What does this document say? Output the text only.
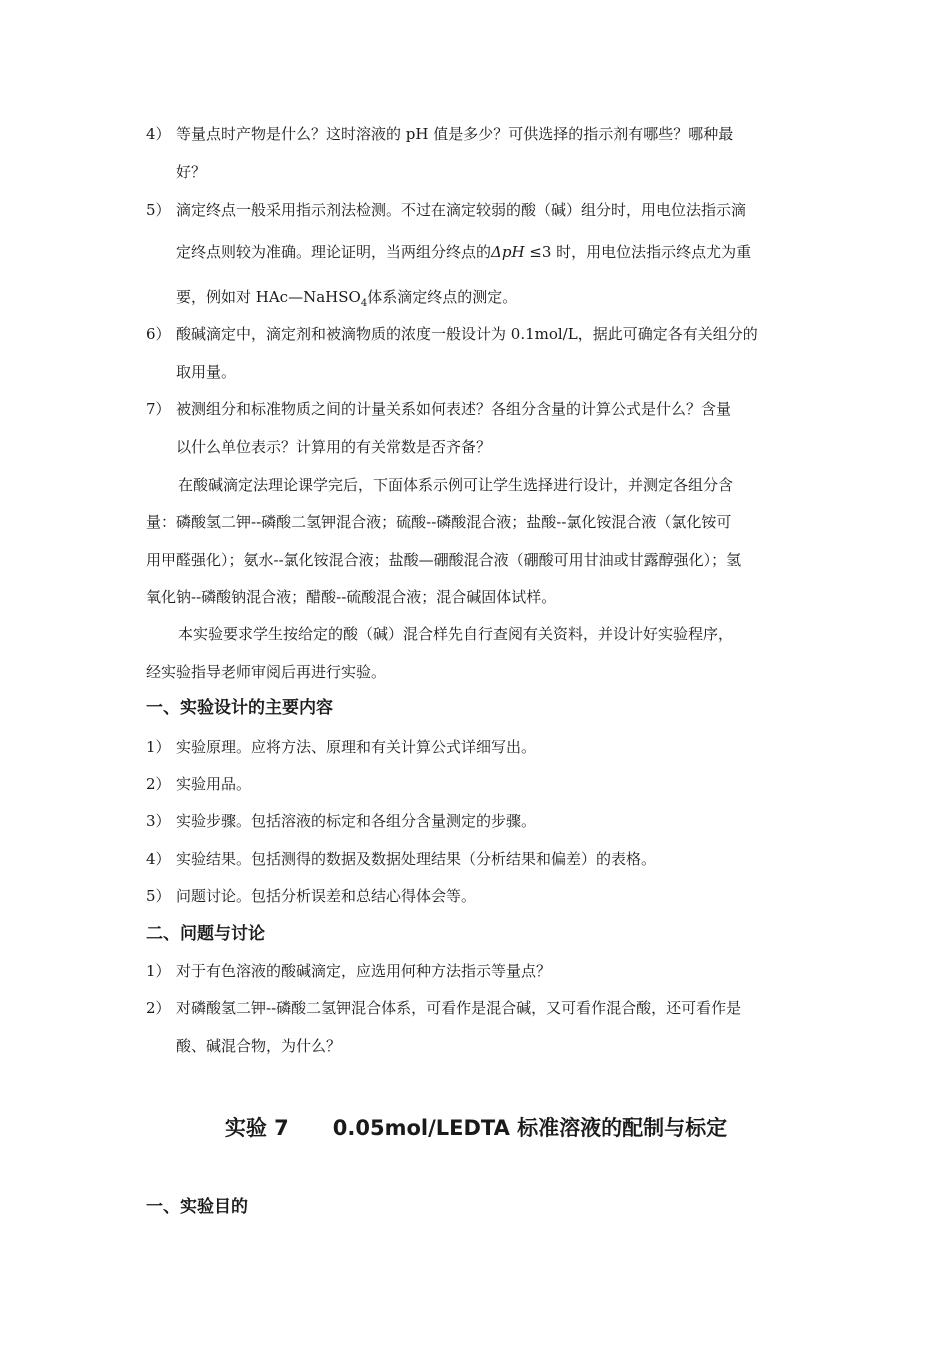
4） 等量点时产物是什么？这时溶液的 pH 值是多少？可供选择的指示剂有哪些？哪种最
好？
5） 滴定终点一般采用指示剂法检测。不过在滴定较弱的酸（碱）组分时，用电位法指示滴
定终点则较为准确。理论证明，当两组分终点的ΔpH ≤3 时，用电位法指示终点尤为重
要，例如对 HAc—NaHSO$_4$体系滴定终点的测定。
6） 酸碱滴定中，滴定剂和被滴物质的浓度一般设计为 0.1mol/L，据此可确定各有关组分的
取用量。
7） 被测组分和标准物质之间的计量关系如何表述？各组分含量的计算公式是什么？含量
以什么单位表示？计算用的有关常数是否齐备？
在酸碱滴定法理论课学完后，下面体系示例可让学生选择进行设计，并测定各组分含
量：磷酸氢二钾--磷酸二氢钾混合液；硫酸--磷酸混合液；盐酸--氯化铵混合液（氯化铵可
用甲醛强化）；氨水--氯化铵混合液；盐酸—硼酸混合液（硼酸可用甘油或甘露醇强化）；氢
氧化钠--磷酸钠混合液；醋酸--硫酸混合液；混合碱固体试样。
本实验要求学生按给定的酸（碱）混合样先自行查阅有关资料，并设计好实验程序，
经实验指导老师审阅后再进行实验。
一、实验设计的主要内容
1） 实验原理。应将方法、原理和有关计算公式详细写出。
2） 实验用品。
3） 实验步骤。包括溶液的标定和各组分含量测定的步骤。
4） 实验结果。包括测得的数据及数据处理结果（分析结果和偏差）的表格。
5） 问题讨论。包括分析误差和总结心得体会等。
二、问题与讨论
1） 对于有色溶液的酸碱滴定，应选用何种方法指示等量点？
2） 对磷酸氢二钾--磷酸二氢钾混合体系，可看作是混合碱，又可看作混合酸，还可看作是
酸、碱混合物，为什么？
实验 7 0.05mol/LEDTA 标准溶液的配制与标定
一、实验目的
